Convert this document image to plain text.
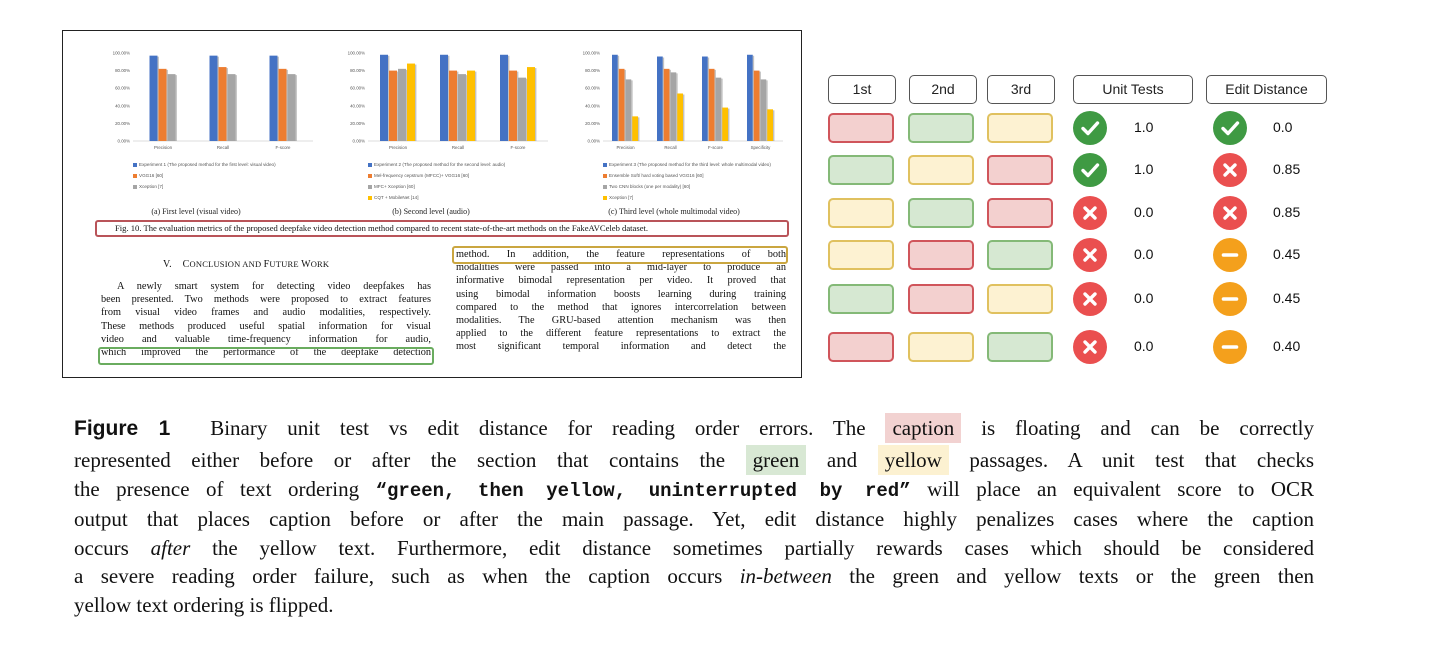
100.00%
80.00%
60.00%
40.00%
20.00%
0.00%
Precision	Recall	F-score
Experiment 1 (The proposed method for the first level: visual video)
VGG16 [60]
Xception [7]
100.00%
80.00%
60.00%
40.00%
20.00%
0.00%
Precision	Recall	F-score
Experiment 2 (The proposed method for the second level: audio)
Mel-frequency cepstrum (MFCC)+ VGG16 [60]
MFC+ Xception [60]
CQT + MobileNet [14]
100.00%
80.00%
60.00%
40.00%
20.00%
0.00%
Precision	Recall	F-score	Specificity
Experiment 3 (The proposed method for the third level: whole multimodal video)
Ensemble Soft/ hard voting based VGG16 [60]
Two CNN blocks (one per modality) [60]
Xception [7]
(a) First level (visual video)	(b) Second level (audio)	(c) Third level (whole multimodal video)
Fig. 10. The evaluation metrics of the proposed deepfake video detection method compared to recent state-of-the-art methods on the FakeAVCeleb dataset.
V. CONCLUSION AND FUTURE WORK
A newly smart system for detecting video deepfakes has
been presented. Two methods were proposed to extract features
from visual video frames and audio modalities, respectively.
These methods produced useful spatial information for visual
video and valuable time-frequency information for audio,
which improved the performance of the deepfake detection
method. In addition, the feature representations of both
modalities were passed into a mid-layer to produce an
informative bimodal representation per video. It proved that
using bimodal information boosts learning during training
compared to the method that ignores intercorrelation between
modalities. The GRU-based attention mechanism was then
applied to the different feature representations to extract the
most significant temporal information and detect the
1st	2nd	3rd	Unit Tests	Edit Distance
1.0	0.0
1.0	0.85
0.0	0.85
0.0	0.45
0.0	0.45
0.0	0.40
Figure 1 Binary unit test vs edit distance for reading order errors. The caption is floating and can be correctly
represented either before or after the section that contains the green and yellow passages. A unit test that checks
the presence of text ordering “green, then yellow, uninterrupted by red” will place an equivalent score to OCR
output that places caption before or after the main passage. Yet, edit distance highly penalizes cases where the caption
occurs after the yellow text. Furthermore, edit distance sometimes partially rewards cases which should be considered
a severe reading order failure, such as when the caption occurs in-between the green and yellow texts or the green then
yellow text ordering is flipped.
